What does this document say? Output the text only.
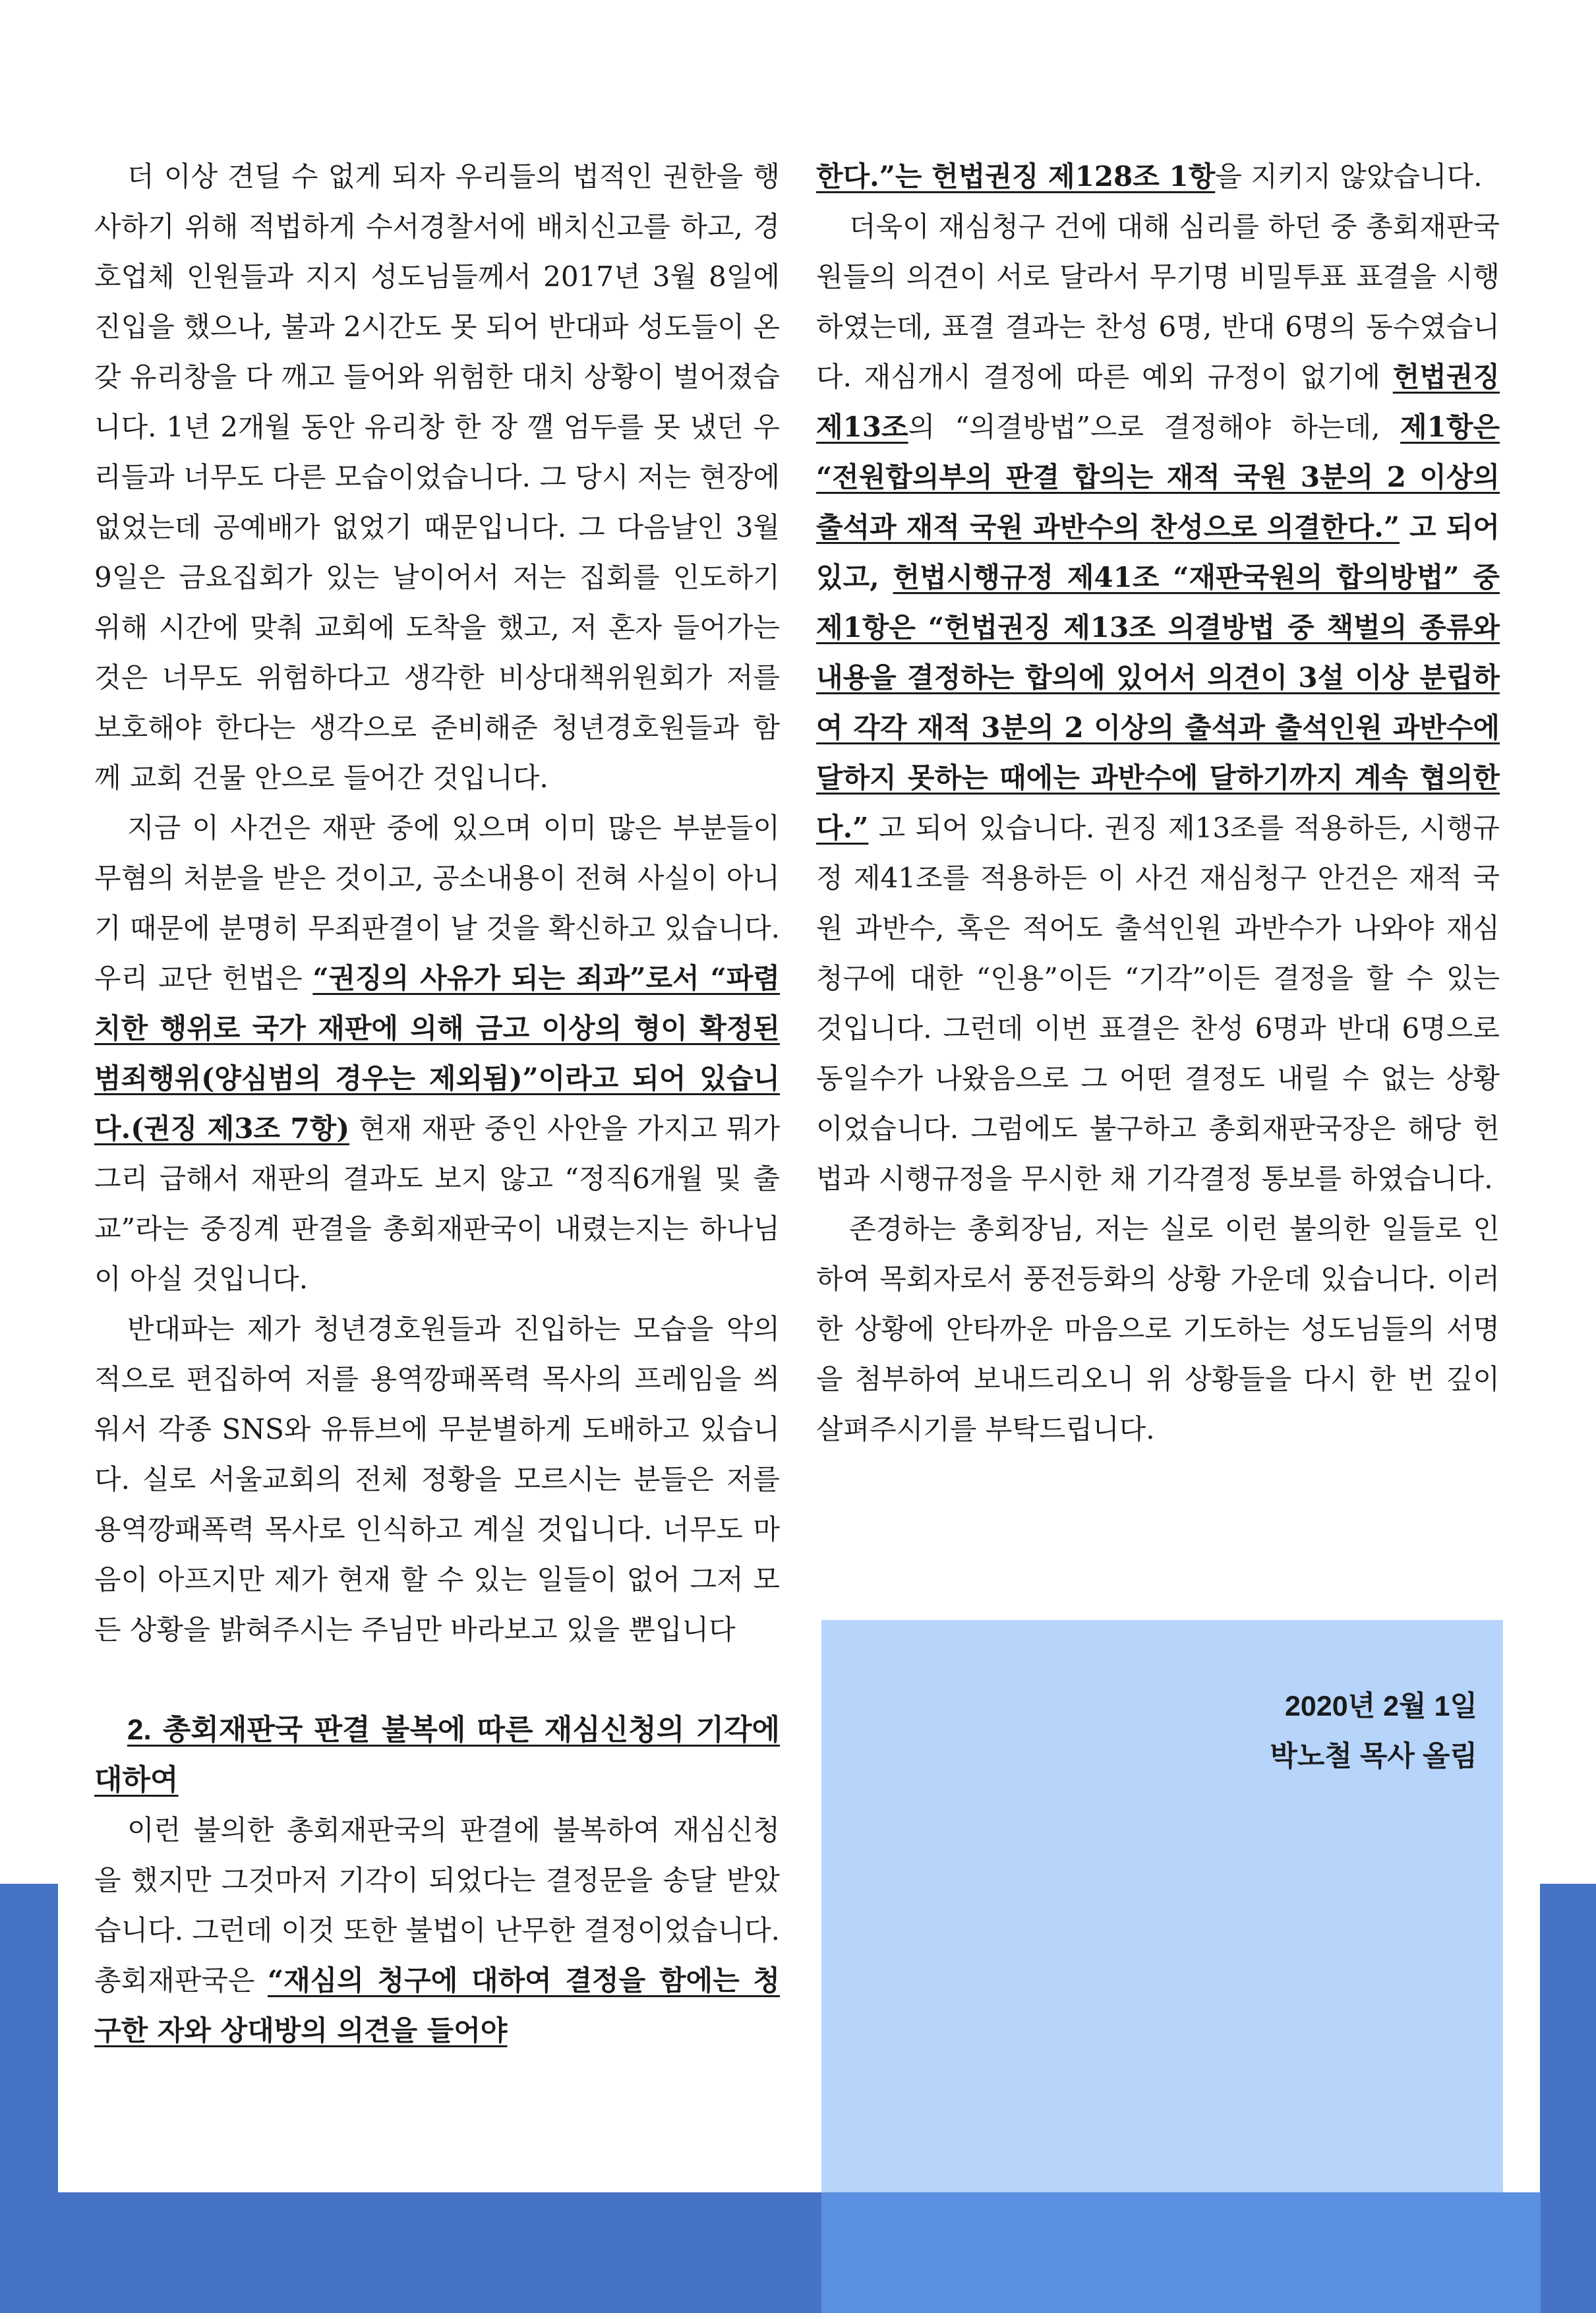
더 이상 견딜 수 없게 되자 우리들의 법적인 권한을 행사하기 위해 적법하게 수서경찰서에 배치신고를 하고, 경호업체 인원들과 지지 성도님들께서 2017년 3월 8일에 진입을 했으나, 불과 2시간도 못 되어 반대파 성도들이 온갖 유리창을 다 깨고 들어와 위험한 대치 상황이 벌어졌습니다. 1년 2개월 동안 유리창 한 장 깰 엄두를 못 냈던 우리들과 너무도 다른 모습이었습니다. 그 당시 저는 현장에 없었는데 공예배가 없었기 때문입니다. 그 다음날인 3월 9일은 금요집회가 있는 날이어서 저는 집회를 인도하기 위해 시간에 맞춰 교회에 도착을 했고, 저 혼자 들어가는 것은 너무도 위험하다고 생각한 비상대책위원회가 저를 보호해야 한다는 생각으로 준비해준 청년경호원들과 함께 교회 건물 안으로 들어간 것입니다.

지금 이 사건은 재판 중에 있으며 이미 많은 부분들이 무혐의 처분을 받은 것이고, 공소내용이 전혀 사실이 아니기 때문에 분명히 무죄판결이 날 것을 확신하고 있습니다. 우리 교단 헌법은 “권징의 사유가 되는 죄과”로서 “파렴치한 행위로 국가 재판에 의해 금고 이상의 형이 확정된 범죄행위(양심범의 경우는 제외됨)”이라고 되어 있습니다.(권징 제3조 7항) 현재 재판 중인 사안을 가지고 뭐가 그리 급해서 재판의 결과도 보지 않고 “정직6개월 및 출교”라는 중징계 판결을 총회재판국이 내렸는지는 하나님이 아실 것입니다.

반대파는 제가 청년경호원들과 진입하는 모습을 악의적으로 편집하여 저를 용역깡패폭력 목사의 프레임을 씌워서 각종 SNS와 유튜브에 무분별하게 도배하고 있습니다. 실로 서울교회의 전체 정황을 모르시는 분들은 저를 용역깡패폭력 목사로 인식하고 계실 것입니다. 너무도 마음이 아프지만 제가 현재 할 수 있는 일들이 없어 그저 모든 상황을 밝혀주시는 주님만 바라보고 있을 뿐입니다

2. 총회재판국 판결 불복에 따른 재심신청의 기각에 대하여

이런 불의한 총회재판국의 판결에 불복하여 재심신청을 했지만 그것마저 기각이 되었다는 결정문을 송달 받았습니다. 그런데 이것 또한 불법이 난무한 결정이었습니다. 총회재판국은 “재심의 청구에 대하여 결정을 함에는 청구한 자와 상대방의 의견을 들어야

한다.”는 헌법권징 제128조 1항을 지키지 않았습니다.

더욱이 재심청구 건에 대해 심리를 하던 중 총회재판국원들의 의견이 서로 달라서 무기명 비밀투표 표결을 시행하였는데, 표결 결과는 찬성 6명, 반대 6명의 동수였습니다. 재심개시 결정에 따른 예외 규정이 없기에 헌법권징 제13조의 “의결방법”으로 결정해야 하는데, 제1항은 “전원합의부의 판결 합의는 재적 국원 3분의 2 이상의 출석과 재적 국원 과반수의 찬성으로 의결한다.” 고 되어 있고, 헌법시행규정 제41조 “재판국원의 합의방법” 중 제1항은 “헌법권징 제13조 의결방법 중 책벌의 종류와 내용을 결정하는 합의에 있어서 의견이 3설 이상 분립하여 각각 재적 3분의 2 이상의 출석과 출석인원 과반수에 달하지 못하는 때에는 과반수에 달하기까지 계속 협의한다.” 고 되어 있습니다. 권징 제13조를 적용하든, 시행규정 제41조를 적용하든 이 사건 재심청구 안건은 재적 국원 과반수, 혹은 적어도 출석인원 과반수가 나와야 재심청구에 대한 “인용”이든 “기각”이든 결정을 할 수 있는 것입니다. 그런데 이번 표결은 찬성 6명과 반대 6명으로 동일수가 나왔음으로 그 어떤 결정도 내릴 수 없는 상황이었습니다. 그럼에도 불구하고 총회재판국장은 해당 헌법과 시행규정을 무시한 채 기각결정 통보를 하였습니다.

존경하는 총회장님, 저는 실로 이런 불의한 일들로 인하여 목회자로서 풍전등화의 상황 가운데 있습니다. 이러한 상황에 안타까운 마음으로 기도하는 성도님들의 서명을 첨부하여 보내드리오니 위 상황들을 다시 한 번 깊이 살펴주시기를 부탁드립니다.

2020년 2월 1일
박노철 목사 올림
